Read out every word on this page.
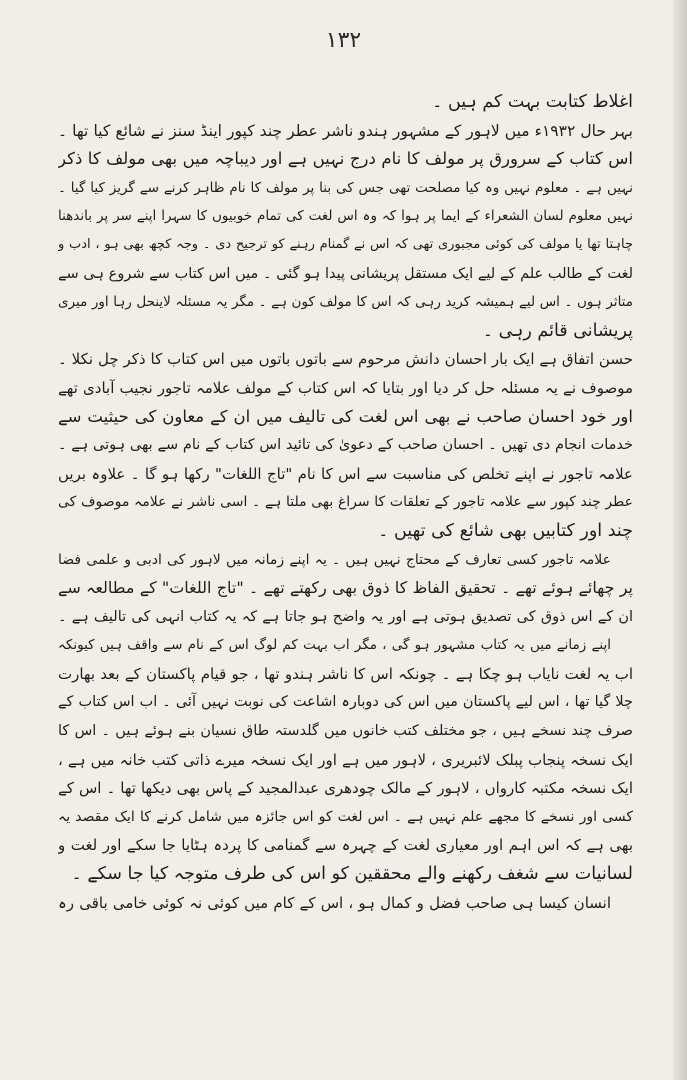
۱۳۲
اغلاط کتابت بہت کم ہیں ۔
بہر حال ۱۹۳۲ء میں لاہور کے مشہور ہندو ناشر عطر چند کپور اینڈ سنز نے شائع کیا تھا ۔
اس کتاب کے سرورق پر مولف کا نام درج نہیں ہے اور دیباچہ میں بھی مولف کا ذکر
نہیں ہے ۔ معلوم نہیں وہ کیا مصلحت تھی جس کی بنا پر مولف کا نام ظاہر کرنے سے گریز کیا گیا ۔
نہیں معلوم لسان الشعراء کے ایما پر ہوا کہ وہ اس لغت کی تمام خوبیوں کا سہرا اپنے سر پر باندھنا
چاہتا تھا یا مولف کی کوئی مجبوری تھی کہ اس نے گمنام رہنے کو ترجیح دی ۔ وجہ کچھ بھی ہو ، ادب و
لغت کے طالب علم کے لیے ایک مستقل پریشانی پیدا ہو گئی ۔ میں اس کتاب سے شروع ہی سے
متاثر ہوں ۔ اس لیے ہمیشہ کرید رہی کہ اس کا مولف کون ہے ۔ مگر یہ مسئلہ لاینحل رہا اور میری
پریشانی قائم رہی ۔
حسن اتفاق ہے ایک بار احسان دانش مرحوم سے باتوں باتوں میں اس کتاب کا ذکر چل نکلا ۔
موصوف نے یہ مسئلہ حل کر دیا اور بتایا کہ اس کتاب کے مولف علامہ تاجور نجیب آبادی تھے
اور خود احسان صاحب نے بھی اس لغت کی تالیف میں ان کے معاون کی حیثیت سے
خدمات انجام دی تھیں ۔ احسان صاحب کے دعویٰ کی تائید اس کتاب کے نام سے بھی ہوتی ہے ۔
علامہ تاجور نے اپنے تخلص کی مناسبت سے اس کا نام "تاج اللغات" رکھا ہو گا ۔ علاوہ بریں
عطر چند کپور سے علامہ تاجور کے تعلقات کا سراغ بھی ملتا ہے ۔ اسی ناشر نے علامہ موصوف کی
چند اور کتابیں بھی شائع کی تھیں ۔
علامہ تاجور کسی تعارف کے محتاج نہیں ہیں ۔ یہ اپنے زمانہ میں لاہور کی ادبی و علمی فضا
پر چھائے ہوئے تھے ۔ تحقیق الفاظ کا ذوق بھی رکھتے تھے ۔ "تاج اللغات" کے مطالعہ سے
ان کے اس ذوق کی تصدیق ہوتی ہے اور یہ واضح ہو جاتا ہے کہ یہ کتاب انہی کی تالیف ہے ۔
اپنے زمانے میں یہ کتاب مشہور ہو گی ، مگر اب بہت کم لوگ اس کے نام سے واقف ہیں کیونکہ
اب یہ لغت نایاب ہو چکا ہے ۔ چونکہ اس کا ناشر ہندو تھا ، جو قیام پاکستان کے بعد بھارت
چلا گیا تھا ، اس لیے پاکستان میں اس کی دوبارہ اشاعت کی نوبت نہیں آئی ۔ اب اس کتاب کے
صرف چند نسخے ہیں ، جو مختلف کتب خانوں میں گلدستہ طاق نسیان بنے ہوئے ہیں ۔ اس کا
ایک نسخہ پنجاب پبلک لائبریری ، لاہور میں ہے اور ایک نسخہ میرے ذاتی کتب خانہ میں ہے ،
ایک نسخہ مکتبہ کارواں ، لاہور کے مالک چودھری عبدالمجید کے پاس بھی دیکھا تھا ۔ اس کے
کسی اور نسخے کا مجھے علم نہیں ہے ۔ اس لغت کو اس جائزہ میں شامل کرنے کا ایک مقصد یہ
بھی ہے کہ اس اہم اور معیاری لغت کے چہرہ سے گمنامی کا پردہ ہٹایا جا سکے اور لغت و
لسانیات سے شغف رکھنے والے محققین کو اس کی طرف متوجہ کیا جا سکے ۔
انسان کیسا ہی صاحب فضل و کمال ہو ، اس کے کام میں کوئی نہ کوئی خامی باقی رہ
